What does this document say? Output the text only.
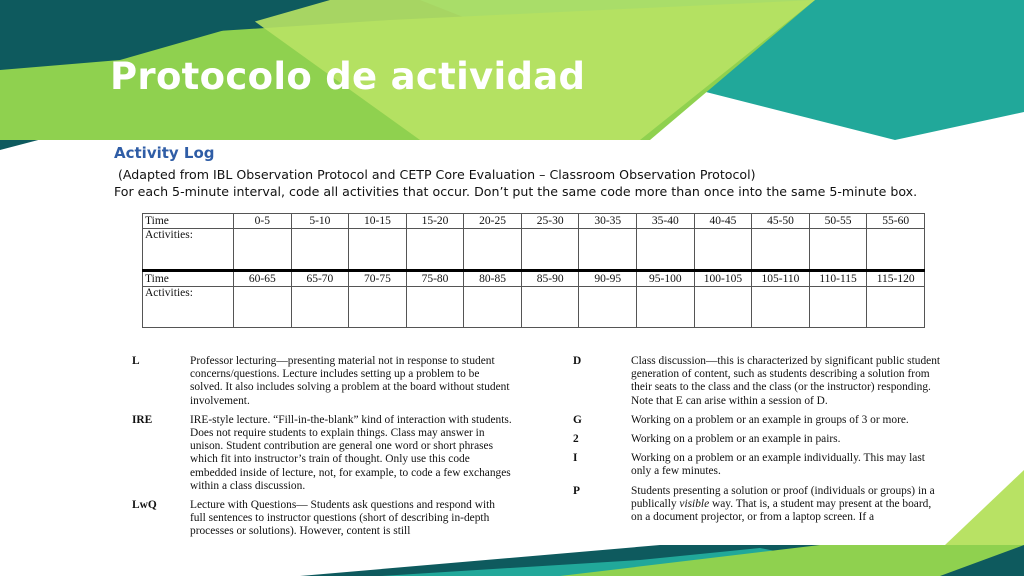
Protocolo de actividad
Activity Log
(Adapted from IBL Observation Protocol and CETP Core Evaluation – Classroom Observation Protocol)
For each 5-minute interval, code all activities that occur. Don’t put the same code more than once into the same 5-minute box.
Time	0-5	5-10	10-15	15-20	20-25	25-30	30-35	35-40	40-45	45-50	50-55	55-60
Activities:												
Time	60-65	65-70	70-75	75-80	80-85	85-90	90-95	95-100	100-105	105-110	110-115	115-120
Activities:												
L	Professor lecturing—presenting material not in response to student concerns/questions. Lecture includes setting up a problem to be solved. It also includes solving a problem at the board without student involvement.
IRE	IRE-style lecture. “Fill-in-the-blank” kind of interaction with students. Does not require students to explain things. Class may answer in unison. Student contribution are general one word or short phrases which fit into instructor’s train of thought. Only use this code embedded inside of lecture, not, for example, to code a few exchanges within a class discussion.
LwQ	Lecture with Questions— Students ask questions and respond with full sentences to instructor questions (short of describing in-depth processes or solutions). However, content is still
D	Class discussion—this is characterized by significant public student generation of content, such as students describing a solution from their seats to the class and the class (or the instructor) responding. Note that E can arise within a session of D.
G	Working on a problem or an example in groups of 3 or more.
2	Working on a problem or an example in pairs.
I	Working on a problem or an example individually. This may last only a few minutes.
P	Students presenting a solution or proof (individuals or groups) in a publically visible way. That is, a student may present at the board, on a document projector, or from a laptop screen. If a
